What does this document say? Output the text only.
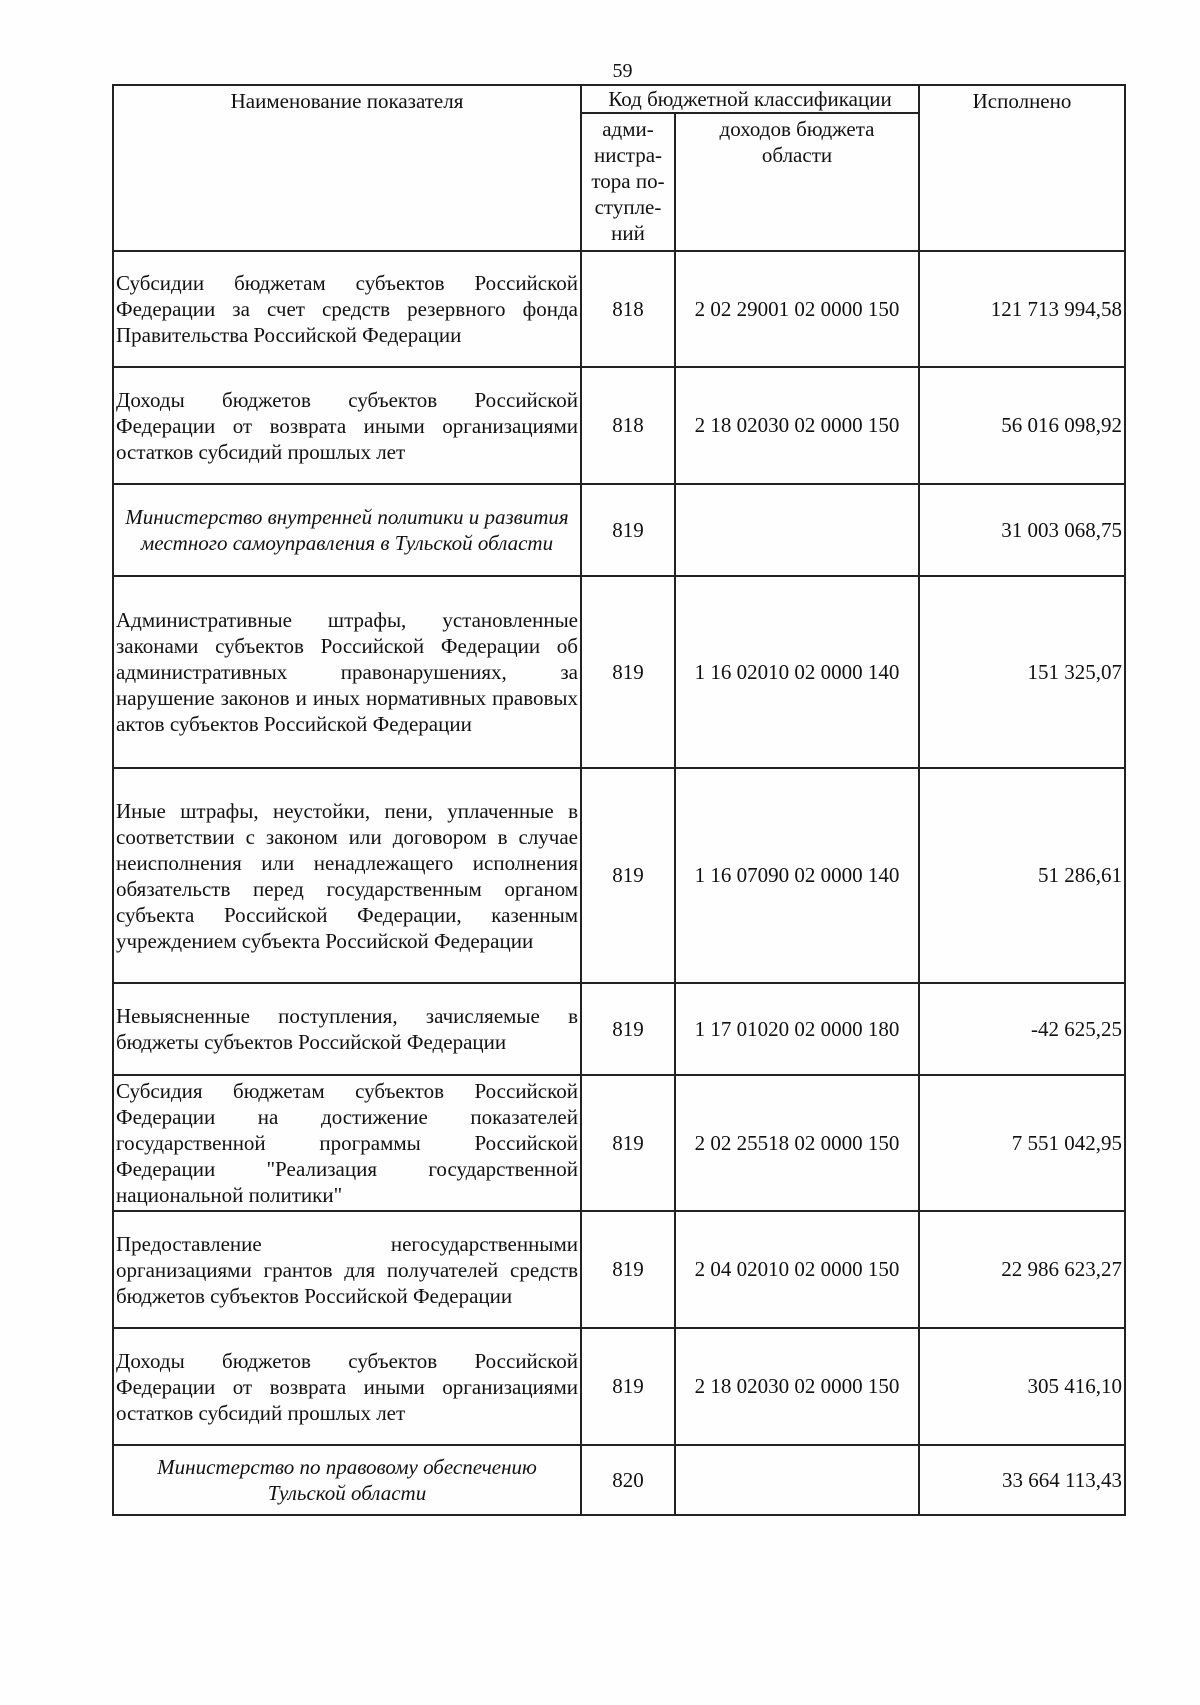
59
Наименование показателя	Код бюджетной классификации		Исполнено
	адми-
нистра-
тора по-
ступле-
ний	доходов бюджета
области	
Субсидии бюджетам субъектов Российской Федерации за счет средств резервного фонда Правительства Российской Федерации	818	2 02 29001 02 0000 150	121 713 994,58
Доходы бюджетов субъектов Российской Федерации от возврата иными организациями остатков субсидий прошлых лет	818	2 18 02030 02 0000 150	56 016 098,92
Министерство внутренней политики и развития местного самоуправления в Тульской области	819		31 003 068,75
Административные штрафы, установленные законами субъектов Российской Федерации об административных правонарушениях, за нарушение законов и иных нормативных правовых актов субъектов Российской Федерации	819	1 16 02010 02 0000 140	151 325,07
Иные штрафы, неустойки, пени, уплаченные в соответствии с законом или договором в случае неисполнения или ненадлежащего исполнения обязательств перед государственным органом субъекта Российской Федерации, казенным учреждением субъекта Российской Федерации	819	1 16 07090 02 0000 140	51 286,61
Невыясненные поступления, зачисляемые в бюджеты субъектов Российской Федерации	819	1 17 01020 02 0000 180	-42 625,25
Субсидия бюджетам субъектов Российской Федерации на достижение показателей государственной программы Российской Федерации "Реализация государственной национальной политики"	819	2 02 25518 02 0000 150	7 551 042,95
Предоставление негосударственными организациями грантов для получателей средств бюджетов субъектов Российской Федерации	819	2 04 02010 02 0000 150	22 986 623,27
Доходы бюджетов субъектов Российской Федерации от возврата иными организациями остатков субсидий прошлых лет	819	2 18 02030 02 0000 150	305 416,10
Министерство по правовому обеспечению Тульской области	820		33 664 113,43
